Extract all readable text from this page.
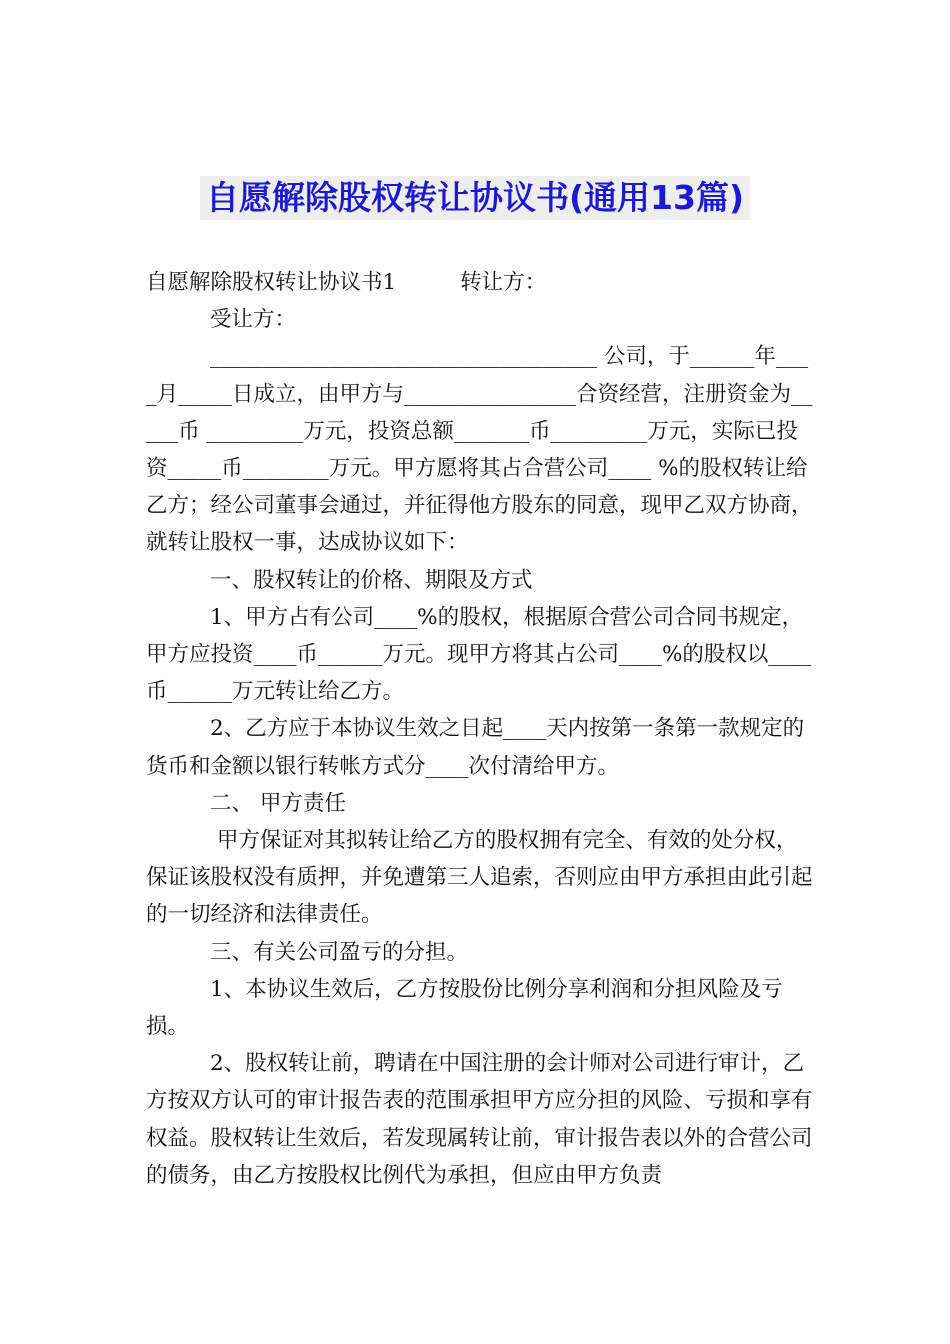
自愿解除股权转让协议书(通用13篇)

自愿解除股权转让协议书1	转让方：

受让方：

____________________________________ 公司，于______年____月_____日成立，由甲方与________________合资经营，注册资金为_____币 _________万元，投资总额_______币_________万元，实际已投资_____币________万元。甲方愿将其占合营公司____ %的股权转让给乙方；经公司董事会通过，并征得他方股东的同意，现甲乙双方协商，就转让股权一事，达成协议如下：

一、股权转让的价格、期限及方式

1、甲方占有公司____%的股权，根据原合营公司合同书规定，甲方应投资____币______万元。现甲方将其占公司____%的股权以____币______万元转让给乙方。

2、乙方应于本协议生效之日起____天内按第一条第一款规定的货币和金额以银行转帐方式分____次付清给甲方。

二、 甲方责任

甲方保证对其拟转让给乙方的股权拥有完全、有效的处分权，保证该股权没有质押，并免遭第三人追索，否则应由甲方承担由此引起的一切经济和法律责任。

三、有关公司盈亏的分担。

1、本协议生效后，乙方按股份比例分享利润和分担风险及亏损。

2、股权转让前，聘请在中国注册的会计师对公司进行审计，乙方按双方认可的审计报告表的范围承担甲方应分担的风险、亏损和享有权益。股权转让生效后，若发现属转让前，审计报告表以外的合营公司的债务，由乙方按股权比例代为承担，但应由甲方负责
